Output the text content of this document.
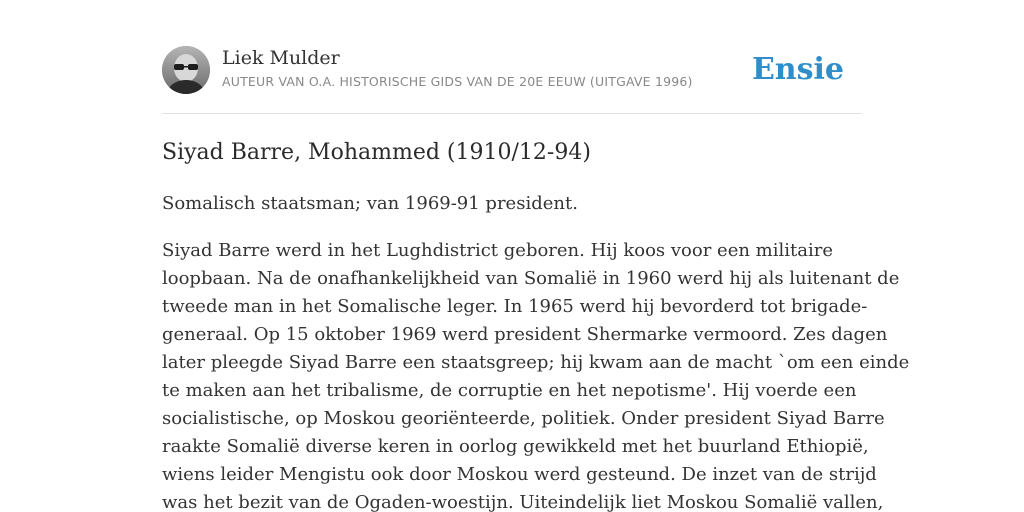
Liek Mulder
AUTEUR VAN O.A. HISTORISCHE GIDS VAN DE 20E EEUW (UITGAVE 1996) Ensie
Siyad Barre, Mohammed (1910/12-94)

Somalisch staatsman; van 1969-91 president.

Siyad Barre werd in het Lughdistrict geboren. Hij koos voor een militaire
loopbaan. Na de onafhankelijkheid van Somalië in 1960 werd hij als luitenant de
tweede man in het Somalische leger. In 1965 werd hij bevorderd tot brigade-
generaal. Op 15 oktober 1969 werd president Shermarke vermoord. Zes dagen
later pleegde Siyad Barre een staatsgreep; hij kwam aan de macht `om een einde
te maken aan het tribalisme, de corruptie en het nepotisme'. Hij voerde een
socialistische, op Moskou georiënteerde, politiek. Onder president Siyad Barre
raakte Somalië diverse keren in oorlog gewikkeld met het buurland Ethiopië,
wiens leider Mengistu ook door Moskou werd gesteund. De inzet van de strijd
was het bezit van de Ogaden-woestijn. Uiteindelijk liet Moskou Somalië vallen,
